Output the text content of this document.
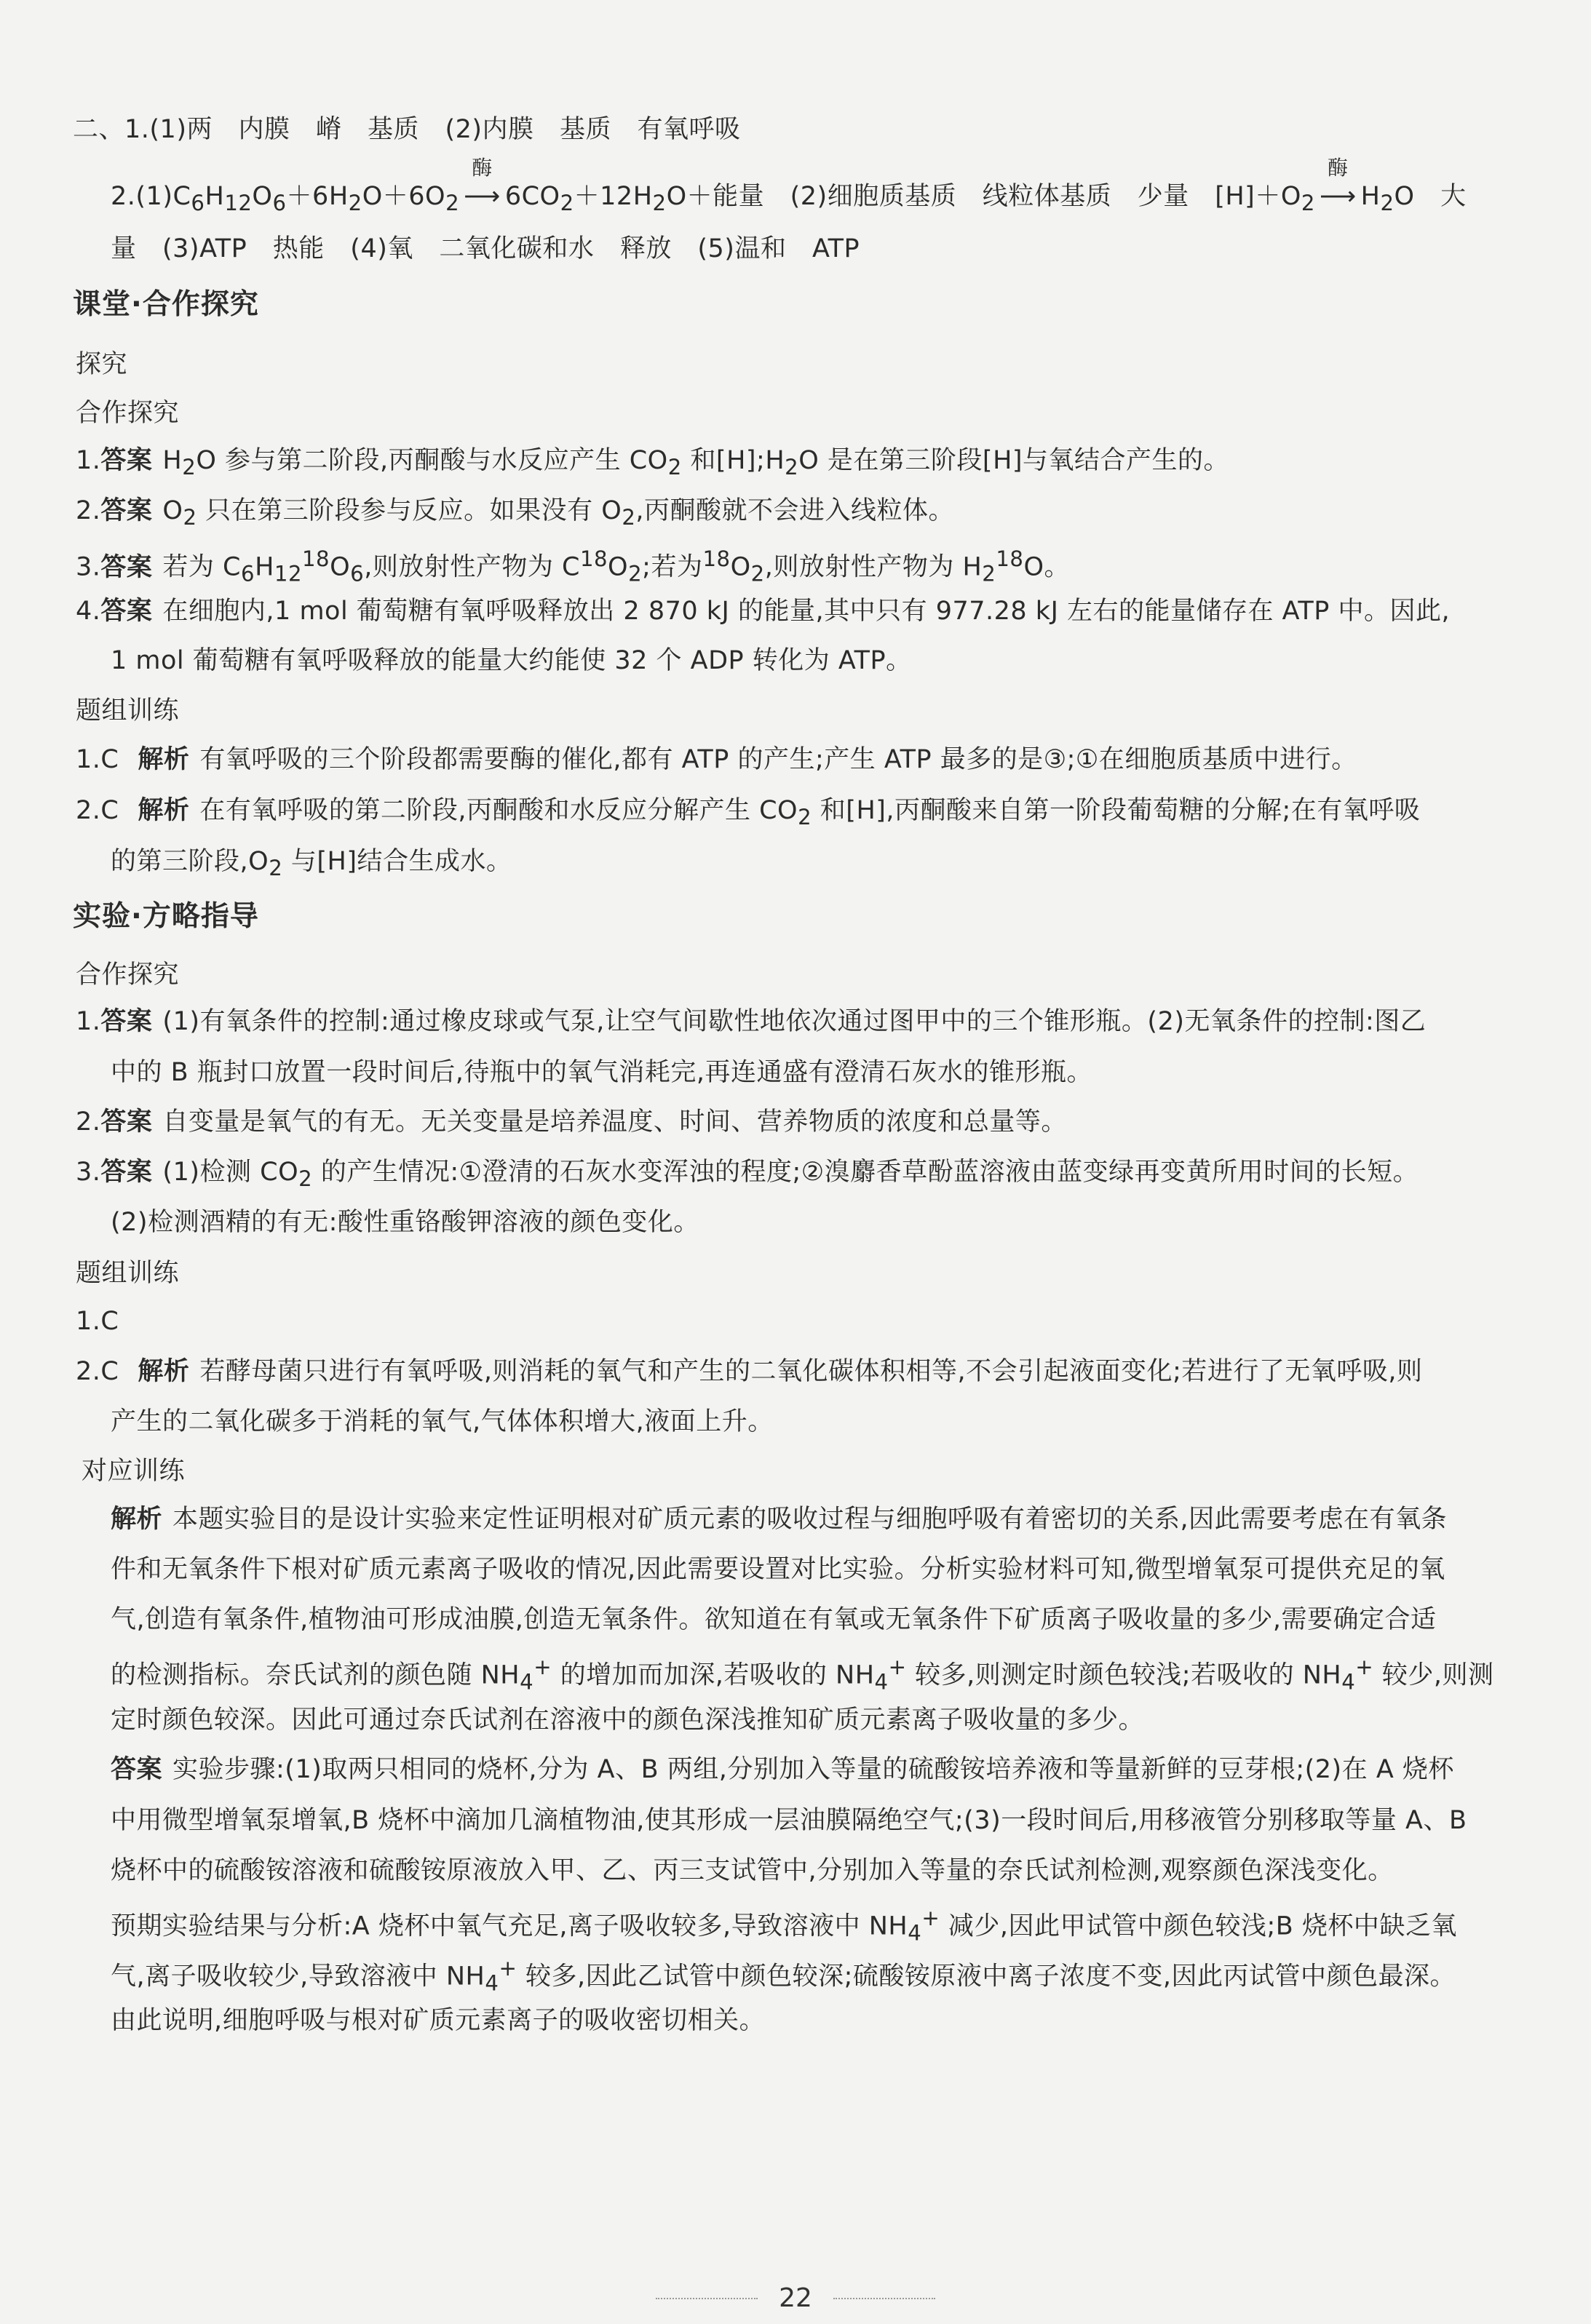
二、1.(1)两　内膜　嵴　基质　(2)内膜　基质　有氧呼吸
$2.(1)C_6H_{12}O_6+6H_2O+6O_2$
酶
⟶ $6CO_2+12H_2O+$能量　(2)细胞质基质　线粒体基质　少量　$[H]+O_2$
酶
⟶ $H_2O$　大
量　(3)ATP　热能　(4)氧　二氧化碳和水　释放　(5)温和　ATP
课堂·合作探究
探究
合作探究
1.答案 $H_2O$ 参与第二阶段,丙酮酸与水反应产生 $CO_2$ 和$[H];H_2O$ 是在第三阶段[H]与氧结合产生的。
2.答案 $O_2$ 只在第三阶段参与反应。如果没有 $O_2$,丙酮酸就不会进入线粒体。
3.答案 若为 $C_6H_{12}^{18}O_6$,则放射性产物为 $C^{18}O_2$;若为$^{18}O_2$,则放射性产物为 $H_2^{18}O$。
4.答案 在细胞内,1 mol 葡萄糖有氧呼吸释放出 2 870 kJ 的能量,其中只有 977.28 kJ 左右的能量储存在 ATP 中。因此,
1 mol 葡萄糖有氧呼吸释放的能量大约能使 32 个 ADP 转化为 ATP。
题组训练
1.C 解析 有氧呼吸的三个阶段都需要酶的催化,都有 ATP 的产生;产生 ATP 最多的是③;①在细胞质基质中进行。
2.C 解析 在有氧呼吸的第二阶段,丙酮酸和水反应分解产生 $CO_2$ 和[H],丙酮酸来自第一阶段葡萄糖的分解;在有氧呼吸
的第三阶段$,O_2$ 与[H]结合生成水。
实验·方略指导
合作探究
1.答案 (1)有氧条件的控制:通过橡皮球或气泵,让空气间歇性地依次通过图甲中的三个锥形瓶。(2)无氧条件的控制:图乙
中的 B 瓶封口放置一段时间后,待瓶中的氧气消耗完,再连通盛有澄清石灰水的锥形瓶。
2.答案 自变量是氧气的有无。无关变量是培养温度、时间、营养物质的浓度和总量等。
3.答案 (1)检测 $CO_2$ 的产生情况:①澄清的石灰水变浑浊的程度;②溴麝香草酚蓝溶液由蓝变绿再变黄所用时间的长短。
(2)检测酒精的有无:酸性重铬酸钾溶液的颜色变化。
题组训练
1.C
2.C 解析 若酵母菌只进行有氧呼吸,则消耗的氧气和产生的二氧化碳体积相等,不会引起液面变化;若进行了无氧呼吸,则
产生的二氧化碳多于消耗的氧气,气体体积增大,液面上升。
对应训练
解析 本题实验目的是设计实验来定性证明根对矿质元素的吸收过程与细胞呼吸有着密切的关系,因此需要考虑在有氧条
件和无氧条件下根对矿质元素离子吸收的情况,因此需要设置对比实验。分析实验材料可知,微型增氧泵可提供充足的氧
气,创造有氧条件,植物油可形成油膜,创造无氧条件。欲知道在有氧或无氧条件下矿质离子吸收量的多少,需要确定合适
的检测指标。奈氏试剂的颜色随 $NH_4^+$ 的增加而加深,若吸收的 $NH_4^+$ 较多,则测定时颜色较浅;若吸收的 $NH_4^+$ 较少,则测
定时颜色较深。因此可通过奈氏试剂在溶液中的颜色深浅推知矿质元素离子吸收量的多少。
答案 实验步骤:(1)取两只相同的烧杯,分为 A、B 两组,分别加入等量的硫酸铵培养液和等量新鲜的豆芽根;(2)在 A 烧杯
中用微型增氧泵增氧,B 烧杯中滴加几滴植物油,使其形成一层油膜隔绝空气;(3)一段时间后,用移液管分别移取等量 A、B
烧杯中的硫酸铵溶液和硫酸铵原液放入甲、乙、丙三支试管中,分别加入等量的奈氏试剂检测,观察颜色深浅变化。
预期实验结果与分析:A 烧杯中氧气充足,离子吸收较多,导致溶液中 $NH_4^+$ 减少,因此甲试管中颜色较浅;B 烧杯中缺乏氧
气,离子吸收较少,导致溶液中 $NH_4^+$ 较多,因此乙试管中颜色较深;硫酸铵原液中离子浓度不变,因此丙试管中颜色最深。
由此说明,细胞呼吸与根对矿质元素离子的吸收密切相关。
22
